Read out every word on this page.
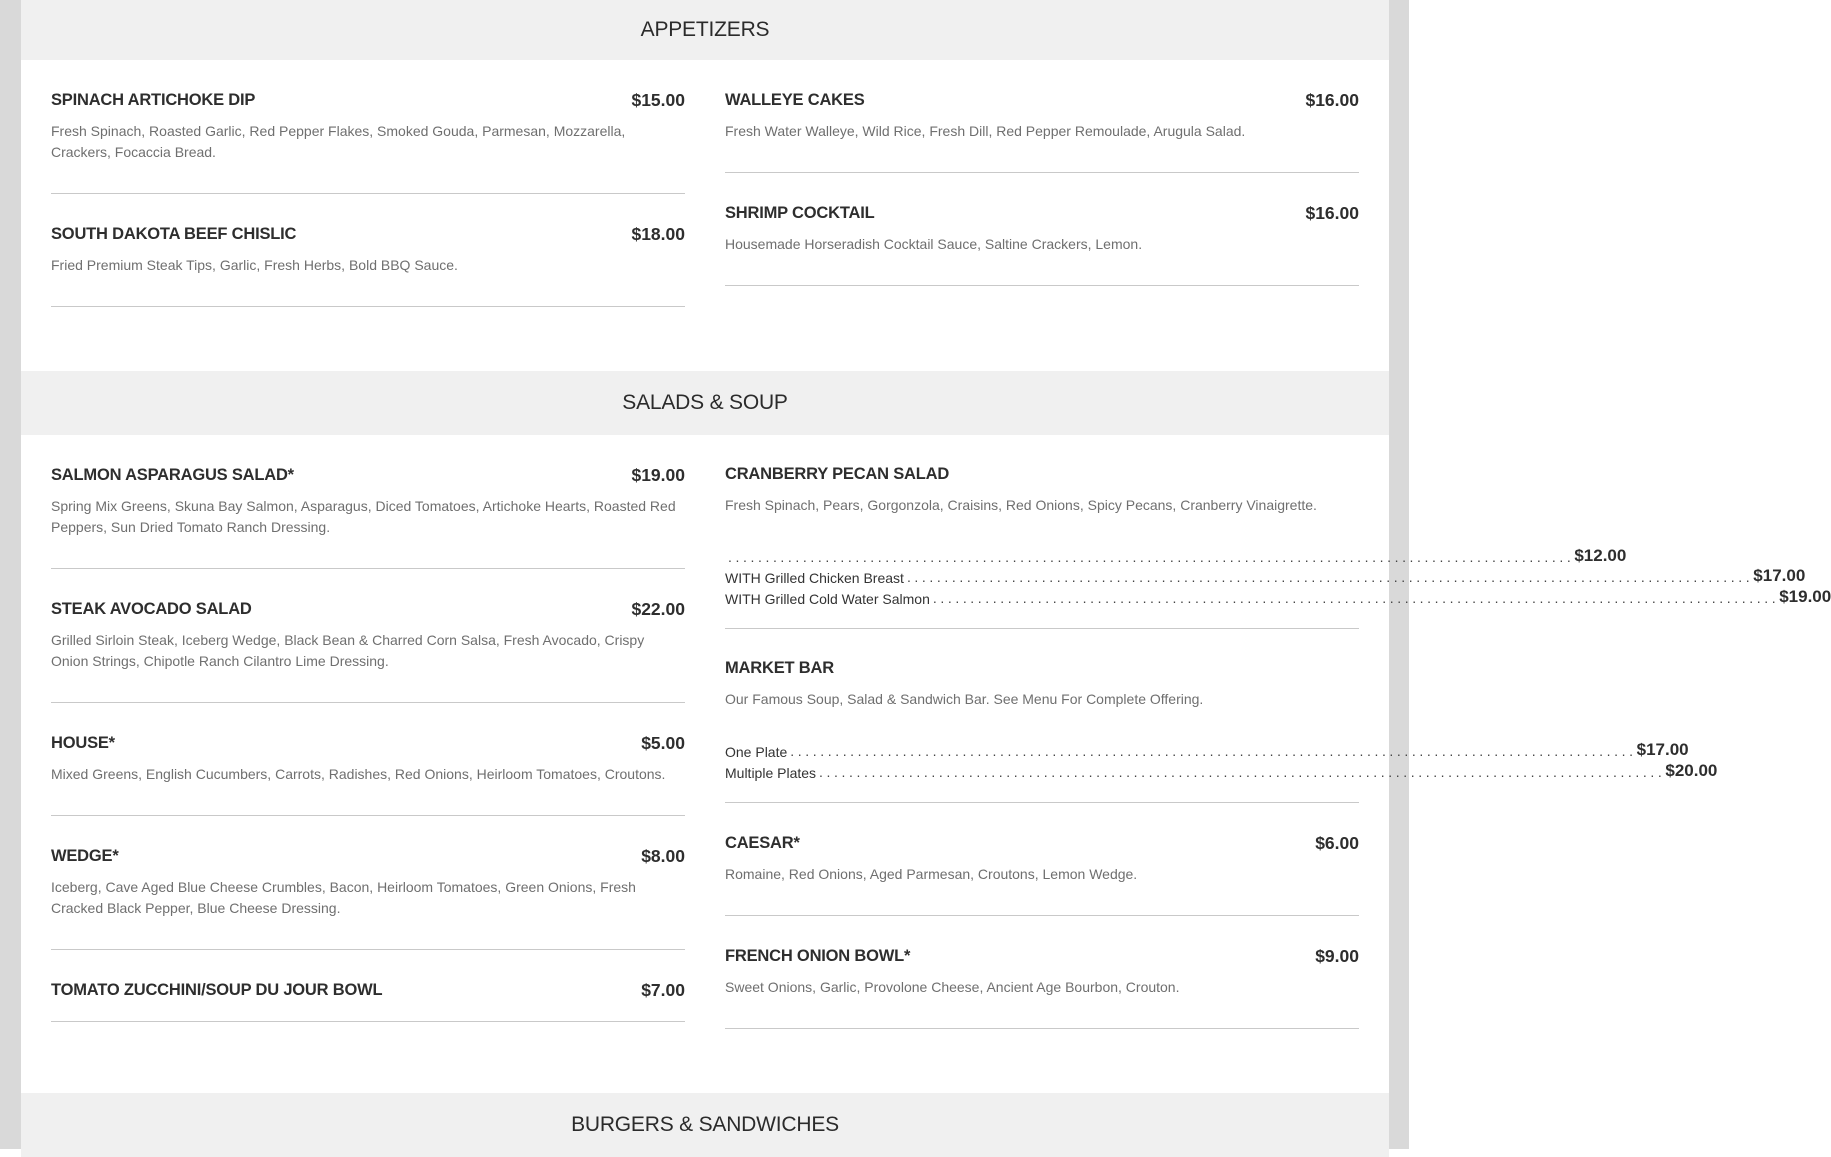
APPETIZERS
SPINACH ARTICHOKE DIP	$15.00
Fresh Spinach, Roasted Garlic, Red Pepper Flakes, Smoked Gouda, Parmesan, Mozzarella, Crackers, Focaccia Bread.
SOUTH DAKOTA BEEF CHISLIC	$18.00
Fried Premium Steak Tips, Garlic, Fresh Herbs, Bold BBQ Sauce.
WALLEYE CAKES	$16.00
Fresh Water Walleye, Wild Rice, Fresh Dill, Red Pepper Remoulade, Arugula Salad.
SHRIMP COCKTAIL	$16.00
Housemade Horseradish Cocktail Sauce, Saltine Crackers, Lemon.
SALADS & SOUP
SALMON ASPARAGUS SALAD*	$19.00
Spring Mix Greens, Skuna Bay Salmon, Asparagus, Diced Tomatoes, Artichoke Hearts, Roasted Red Peppers, Sun Dried Tomato Ranch Dressing.
STEAK AVOCADO SALAD	$22.00
Grilled Sirloin Steak, Iceberg Wedge, Black Bean & Charred Corn Salsa, Fresh Avocado, Crispy Onion Strings, Chipotle Ranch Cilantro Lime Dressing.
HOUSE*	$5.00
Mixed Greens, English Cucumbers, Carrots, Radishes, Red Onions, Heirloom Tomatoes, Croutons.
WEDGE*	$8.00
Iceberg, Cave Aged Blue Cheese Crumbles, Bacon, Heirloom Tomatoes, Green Onions, Fresh Cracked Black Pepper, Blue Cheese Dressing.
TOMATO ZUCCHINI/SOUP DU JOUR BOWL	$7.00
CRANBERRY PECAN SALAD
Fresh Spinach, Pears, Gorgonzola, Craisins, Red Onions, Spicy Pecans, Cranberry Vinaigrette.
................................................................................................................. $12.00
WITH Grilled Chicken Breast ................................................................................................................. $17.00
WITH Grilled Cold Water Salmon ................................................................................................................. $19.00
MARKET BAR
Our Famous Soup, Salad & Sandwich Bar. See Menu For Complete Offering.
One Plate ................................................................................................................. $17.00
Multiple Plates ................................................................................................................. $20.00
CAESAR*	$6.00
Romaine, Red Onions, Aged Parmesan, Croutons, Lemon Wedge.
FRENCH ONION BOWL*	$9.00
Sweet Onions, Garlic, Provolone Cheese, Ancient Age Bourbon, Crouton.
BURGERS & SANDWICHES
